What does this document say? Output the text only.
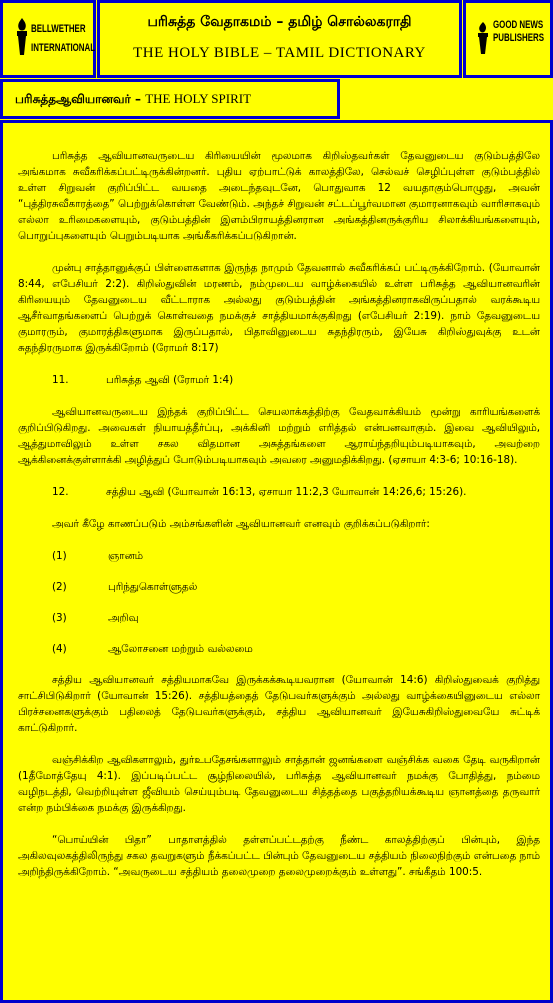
BELLWETHER
INTERNATIONAL
பரிசுத்த வேதாகமம் – தமிழ் சொல்லகராதி
THE HOLY BIBLE – TAMIL DICTIONARY
GOOD NEWS
PUBLISHERS
பரிசுத்தஆவியானவர் – THE HOLY SPIRIT

பரிசுத்த ஆவியானவருடைய கிரியையின் மூலமாக கிறிஸ்தவர்கள் தேவனுடைய குடும்பத்திலே அங்கமாக சுவீகரிக்கப்பட்டிருக்கின்றனர். புதிய ஏற்பாட்டுக் காலத்திலே, செல்வச் செழிப்புள்ள குடும்பத்தில் உள்ள சிறுவன் குறிப்பிட்ட வயதை அடைந்தவுடனே, பொதுவாக 12 வயதாகும்பொழுது, அவன் “புத்திரசுவீகாரத்தை” பெற்றுக்கொள்ள வேண்டும். அந்தச் சிறுவன் சட்டப்பூர்வமான குமாரனாகவும் வாரிசாகவும் எல்லா உரிமைகளையும், குடும்பத்தின் இளம்பிராயத்தினரான அங்கத்தினருக்குரிய சிலாக்கியங்களையும், பொறுப்புகளையும் பெறும்படியாக அங்கீகரிக்கப்படுகிறான்.

முன்பு சாத்தானுக்குப் பிள்ளைகளாக இருந்த நாமும் தேவனால் சுவீகரிக்கப் பட்டிருக்கிறோம். (யோவான் 8:44, எபேசியர் 2:2). கிறிஸ்துவின் மரணம், நம்முடைய வாழ்க்கையில் உள்ள பரிசுத்த ஆவியானவரின் கிரியையும் தேவனுடைய வீட்டாராக அல்லது குடும்பத்தின் அங்கத்தினராகவிருப்பதால் வரக்கூடிய ஆசீர்வாதங்களைப் பெற்றுக் கொள்வதை நமக்குச் சாத்தியமாக்குகிறது (எபேசியர் 2:19). நாம் தேவனுடைய குமாரரும், குமாரத்திகளுமாக இருப்பதால், பிதாவினுடைய சுதந்திரரும், இயேசு கிறிஸ்துவுக்கு உடன் சுதந்திரருமாக இருக்கிறோம் (ரோமர் 8:17)

11.	பரிசுத்த ஆவி (ரோமர் 1:4)

ஆவியானவருடைய இந்தக் குறிப்பிட்ட செயலாக்கத்திற்கு வேதவாக்கியம் மூன்று காரியங்களைக் குறிப்பிடுகிறது. அவைகள் நியாயத்தீர்ப்பு, அக்கினி மற்றும் எரித்தல் என்பனவாகும். இவை ஆவியிலும், ஆத்துமாவிலும் உள்ள சகல விதமான அசுத்தங்களை ஆராய்ந்தறியும்படியாகவும், அவற்றை ஆக்கினைக்குள்ளாக்கி அழித்துப் போடும்படியாகவும் அவரை அனுமதிக்கிறது. (ஏசாயா 4:3-6; 10:16-18).

12.	சத்திய ஆவி (யோவான் 16:13, ஏசாயா 11:2,3 யோவான் 14:26,6; 15:26).

அவர் கீழே காணப்படும் அம்சங்களின் ஆவியானவர் எனவும் குறிக்கப்படுகிறார்:

(1)	ஞானம்
(2)	புரிந்துகொள்ளுதல்
(3)	அறிவு
(4)	ஆலோசனை மற்றும் வல்லமை

சத்திய ஆவியானவர் சத்தியமாகவே இருக்கக்கூடியவரான (யோவான் 14:6) கிறிஸ்துவைக் குறித்து சாட்சிபிடுகிறார் (யோவான் 15:26). சத்தியத்தைத் தேடுபவர்களுக்கும் அல்லது வாழ்க்கையினுடைய எல்லா பிரச்சனைகளுக்கும் பதிலைத் தேடுபவர்களுக்கும், சத்திய ஆவியானவர் இயேசுகிறிஸ்துவையே சுட்டிக் காட்டுகிறார்.

வஞ்சிக்கிற ஆவிகளாலும், துர்உபதேசங்களாலும் சாத்தான் ஜனங்களை வஞ்சிக்க வகை தேடி வருகிறான் (1தீமோத்தேயு 4:1). இப்படிப்பட்ட சூழ்நிலையில், பரிசுத்த ஆவியானவர் நமக்கு போதித்து, நம்மை வழிநடத்தி, வெற்றியுள்ள ஜீவியம் செய்யும்படி தேவனுடைய சித்தத்தை பகுத்தறியக்கூடிய ஞானத்தை தருவார் என்ற நம்பிக்கை நமக்கு இருக்கிறது.

“பொய்யின் பிதா” பாதாளத்தில் தள்ளப்பட்டதற்கு நீண்ட காலத்திற்குப் பின்பும், இந்த அகிலவுலகத்திலிருந்து சகல தவறுகளும் நீக்கப்பட்ட பின்பும் தேவனுடைய சத்தியம் நிலைநிற்கும் என்பதை நாம் அறிந்திருக்கிறோம். “அவருடைய சத்தியம் தலைமுறை தலைமுறைக்கும் உள்ளது”. சங்கீதம் 100:5.
